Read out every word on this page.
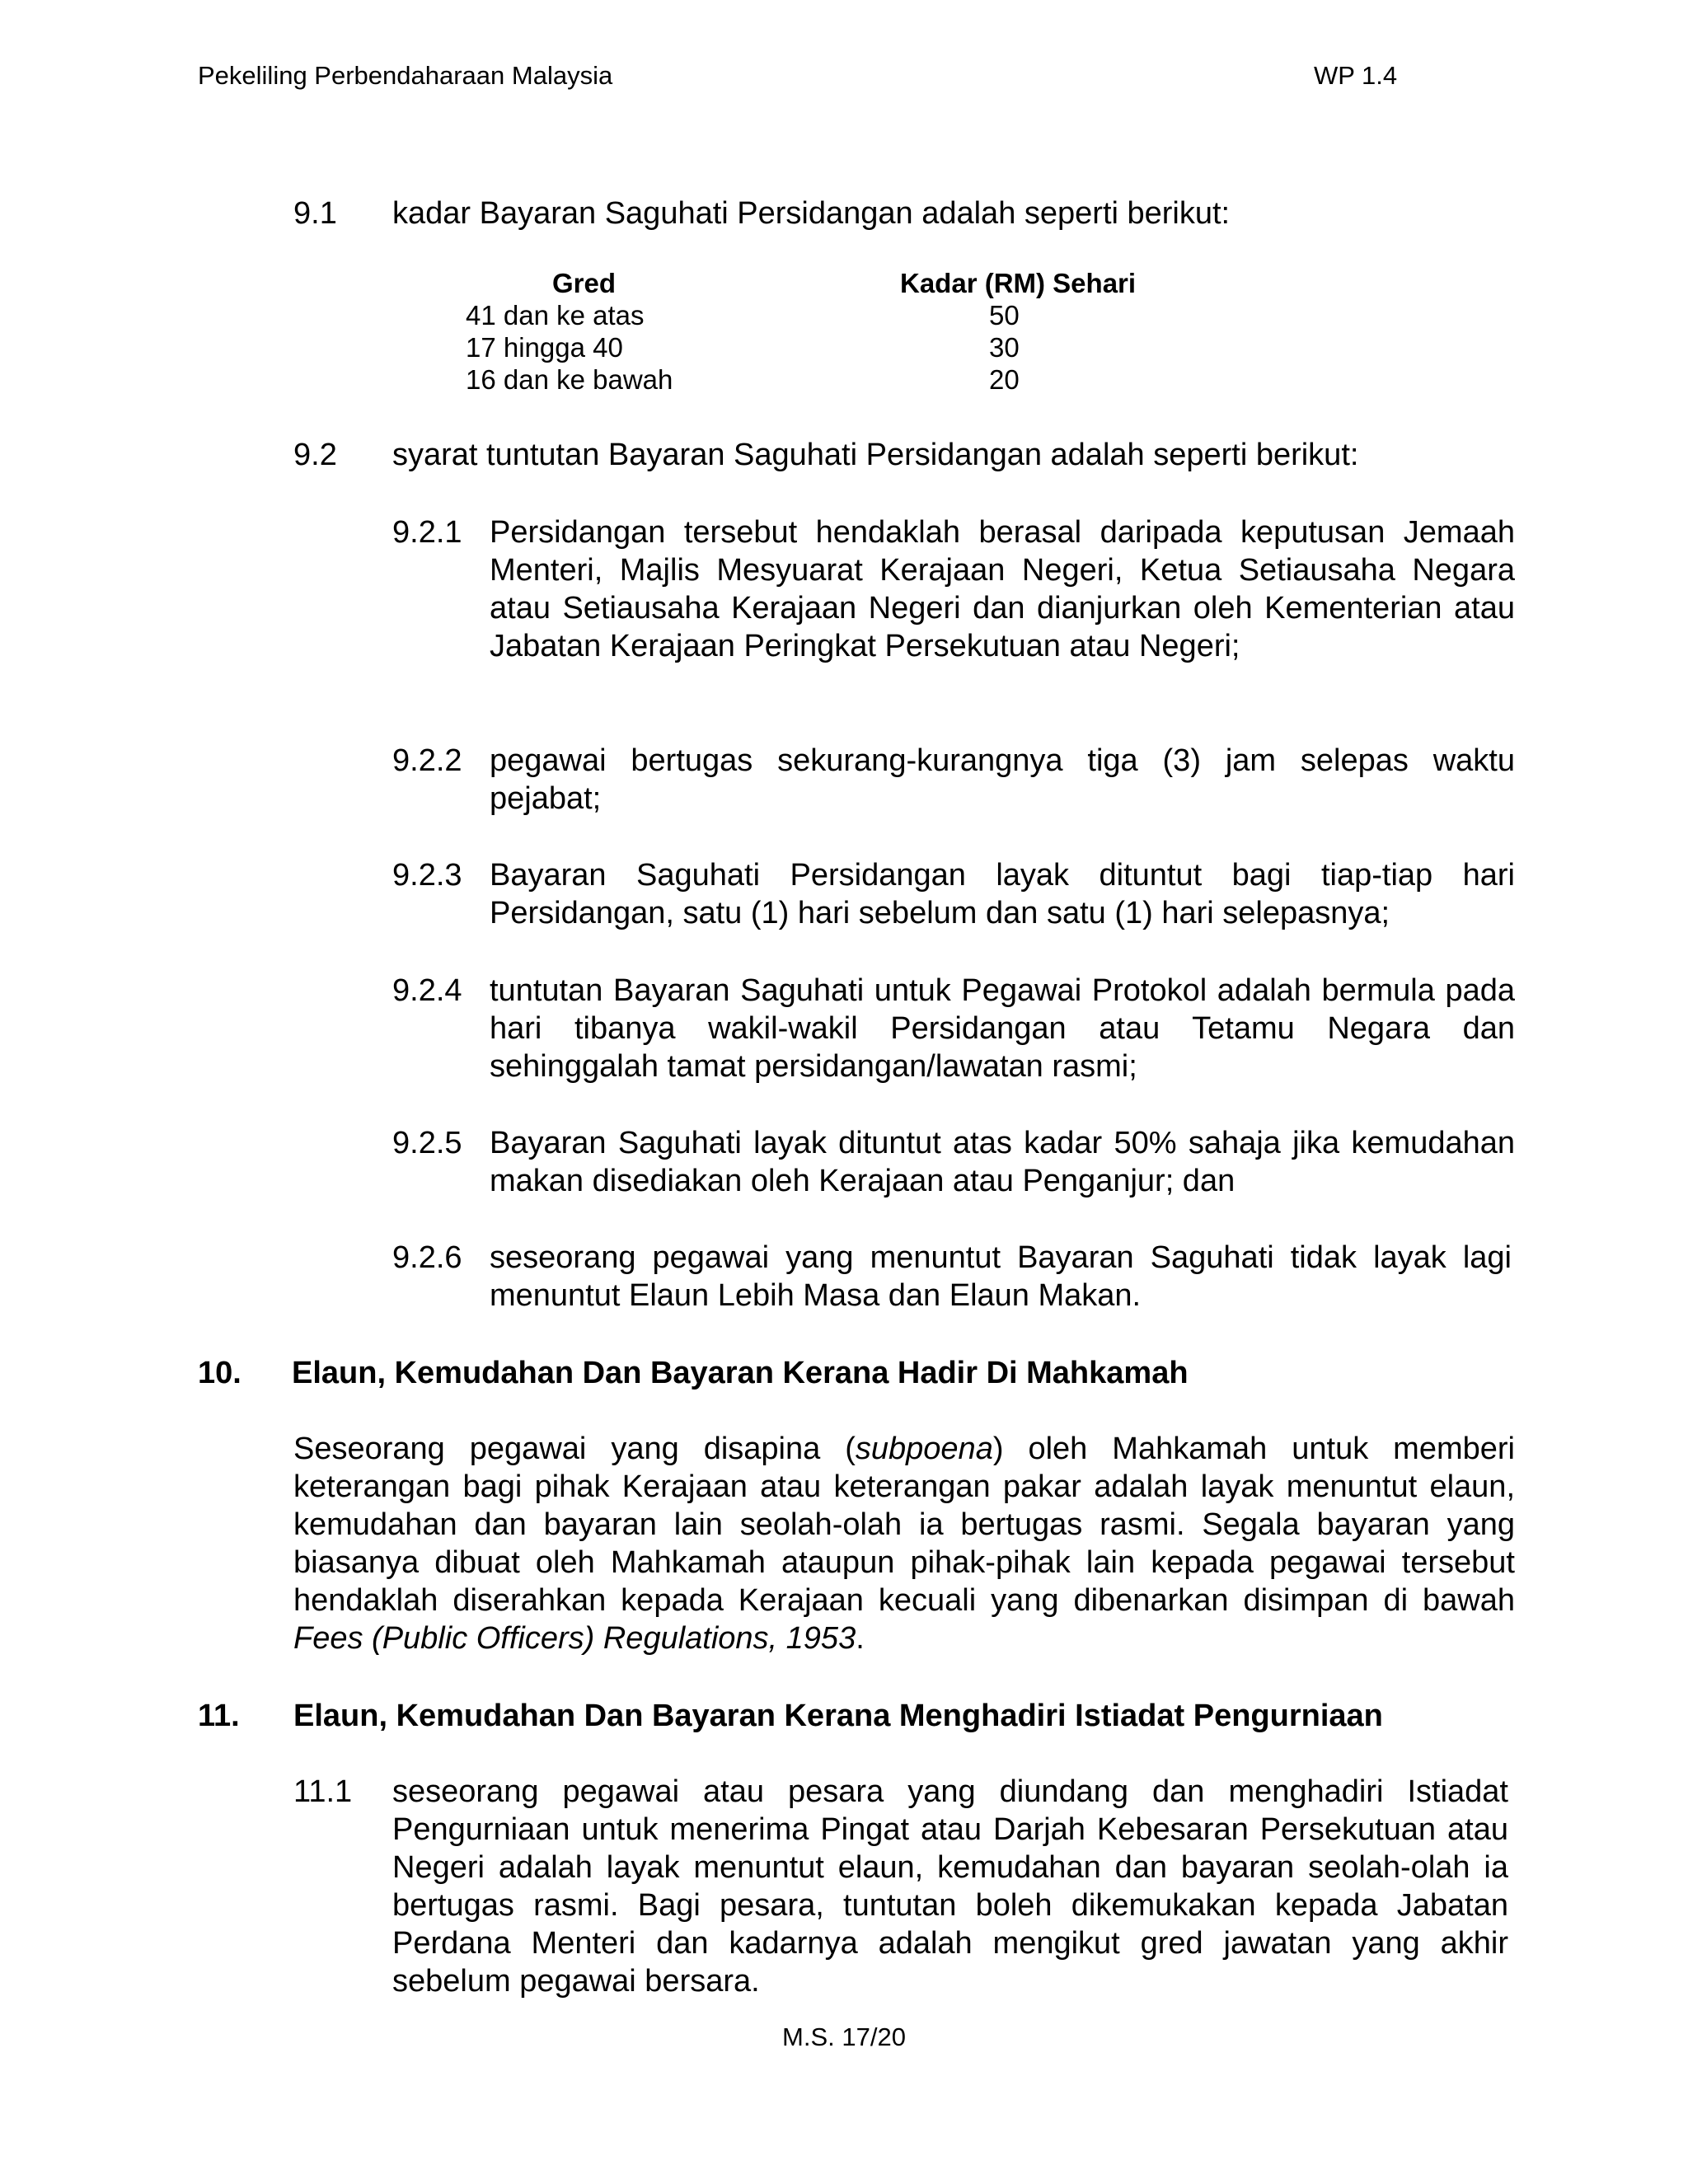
Pekeliling Perbendaharaan Malaysia	WP 1.4
9.1 kadar Bayaran Saguhati Persidangan adalah seperti berikut:
Gred	Kadar (RM) Sehari
41 dan ke atas	50
17 hingga 40	30
16 dan ke bawah	20
9.2 syarat tuntutan Bayaran Saguhati Persidangan adalah seperti berikut:
9.2.1 Persidangan tersebut hendaklah berasal daripada keputusan Jemaah Menteri, Majlis Mesyuarat Kerajaan Negeri, Ketua Setiausaha Negara atau Setiausaha Kerajaan Negeri dan dianjurkan oleh Kementerian atau Jabatan Kerajaan Peringkat Persekutuan atau Negeri;
9.2.2 pegawai bertugas sekurang-kurangnya tiga (3) jam selepas waktu pejabat;
9.2.3 Bayaran Saguhati Persidangan layak dituntut bagi tiap-tiap hari Persidangan, satu (1) hari sebelum dan satu (1) hari selepasnya;
9.2.4 tuntutan Bayaran Saguhati untuk Pegawai Protokol adalah bermula pada hari tibanya wakil-wakil Persidangan atau Tetamu Negara dan sehinggalah tamat persidangan/lawatan rasmi;
9.2.5 Bayaran Saguhati layak dituntut atas kadar 50% sahaja jika kemudahan makan disediakan oleh Kerajaan atau Penganjur; dan
9.2.6 seseorang pegawai yang menuntut Bayaran Saguhati tidak layak lagi menuntut Elaun Lebih Masa dan Elaun Makan.
10. Elaun, Kemudahan Dan Bayaran Kerana Hadir Di Mahkamah
Seseorang pegawai yang disapina (subpoena) oleh Mahkamah untuk memberi keterangan bagi pihak Kerajaan atau keterangan pakar adalah layak menuntut elaun, kemudahan dan bayaran lain seolah-olah ia bertugas rasmi. Segala bayaran yang biasanya dibuat oleh Mahkamah ataupun pihak-pihak lain kepada pegawai tersebut hendaklah diserahkan kepada Kerajaan kecuali yang dibenarkan disimpan di bawah Fees (Public Officers) Regulations, 1953.
11. Elaun, Kemudahan Dan Bayaran Kerana Menghadiri Istiadat Pengurniaan
11.1 seseorang pegawai atau pesara yang diundang dan menghadiri Istiadat Pengurniaan untuk menerima Pingat atau Darjah Kebesaran Persekutuan atau Negeri adalah layak menuntut elaun, kemudahan dan bayaran seolah-olah ia bertugas rasmi. Bagi pesara, tuntutan boleh dikemukakan kepada Jabatan Perdana Menteri dan kadarnya adalah mengikut gred jawatan yang akhir sebelum pegawai bersara.
M.S. 17/20
